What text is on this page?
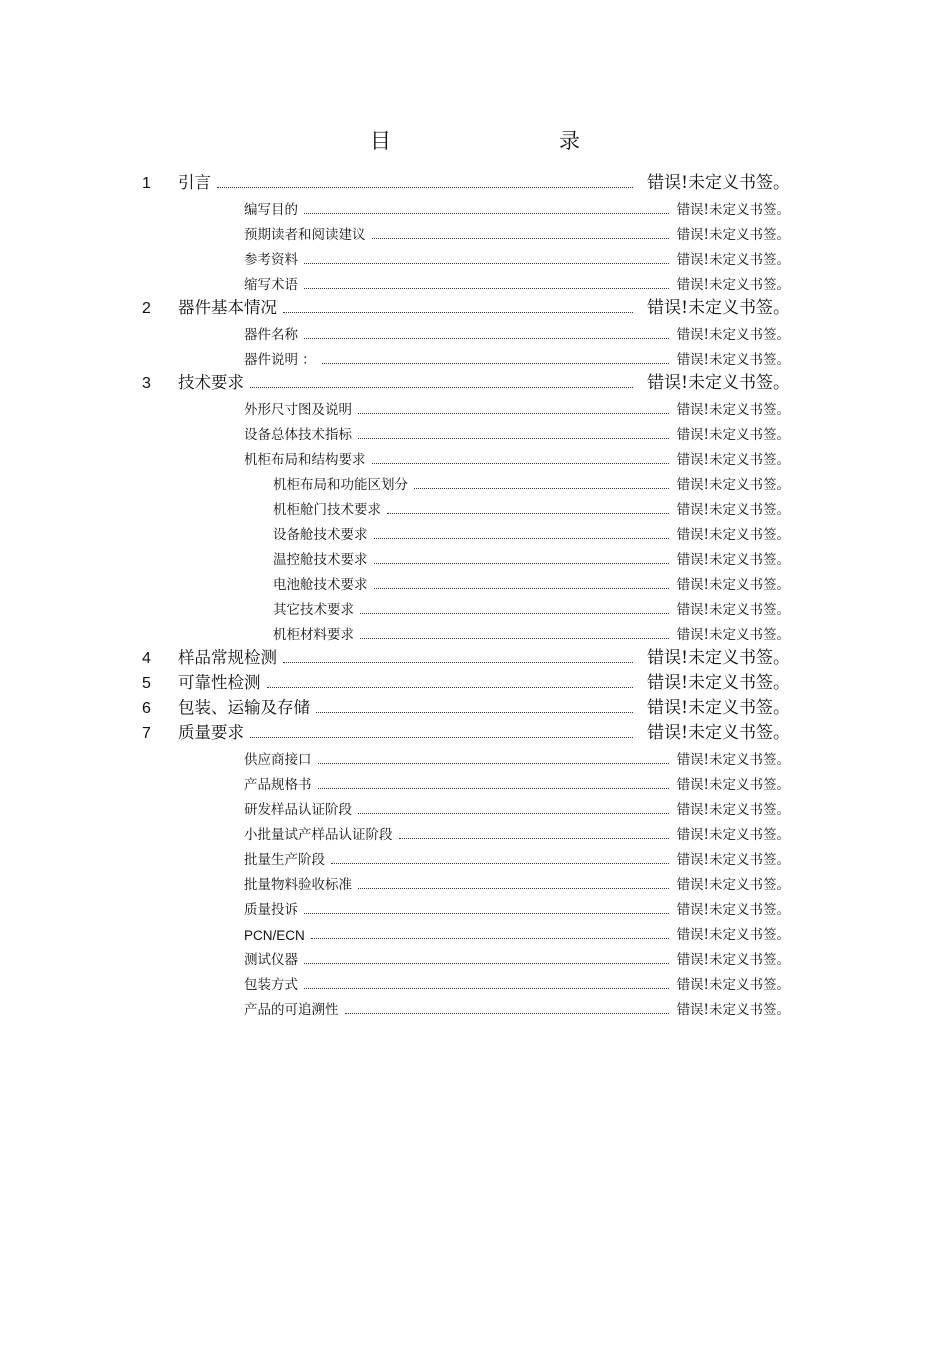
目　　录
1	引言	错误!未定义书签。
编写目的	错误!未定义书签。
预期读者和阅读建议	错误!未定义书签。
参考资料	错误!未定义书签。
缩写术语	错误!未定义书签。
2	器件基本情况	错误!未定义书签。
器件名称	错误!未定义书签。
器件说明 ：	错误!未定义书签。
3	技术要求	错误!未定义书签。
外形尺寸图及说明	错误!未定义书签。
设备总体技术指标	错误!未定义书签。
机柜布局和结构要求	错误!未定义书签。
机柜布局和功能区划分	错误!未定义书签。
机柜舱门技术要求	错误!未定义书签。
设备舱技术要求	错误!未定义书签。
温控舱技术要求	错误!未定义书签。
电池舱技术要求	错误!未定义书签。
其它技术要求	错误!未定义书签。
机柜材料要求	错误!未定义书签。
4	样品常规检测	错误!未定义书签。
5	可靠性检测	错误!未定义书签。
6	包装、运输及存储	错误!未定义书签。
7	质量要求	错误!未定义书签。
供应商接口	错误!未定义书签。
产品规格书	错误!未定义书签。
研发样品认证阶段	错误!未定义书签。
小批量试产样品认证阶段	错误!未定义书签。
批量生产阶段	错误!未定义书签。
批量物料验收标准	错误!未定义书签。
质量投诉	错误!未定义书签。
PCN/ECN	错误!未定义书签。
测试仪器	错误!未定义书签。
包装方式	错误!未定义书签。
产品的可追溯性	错误!未定义书签。
